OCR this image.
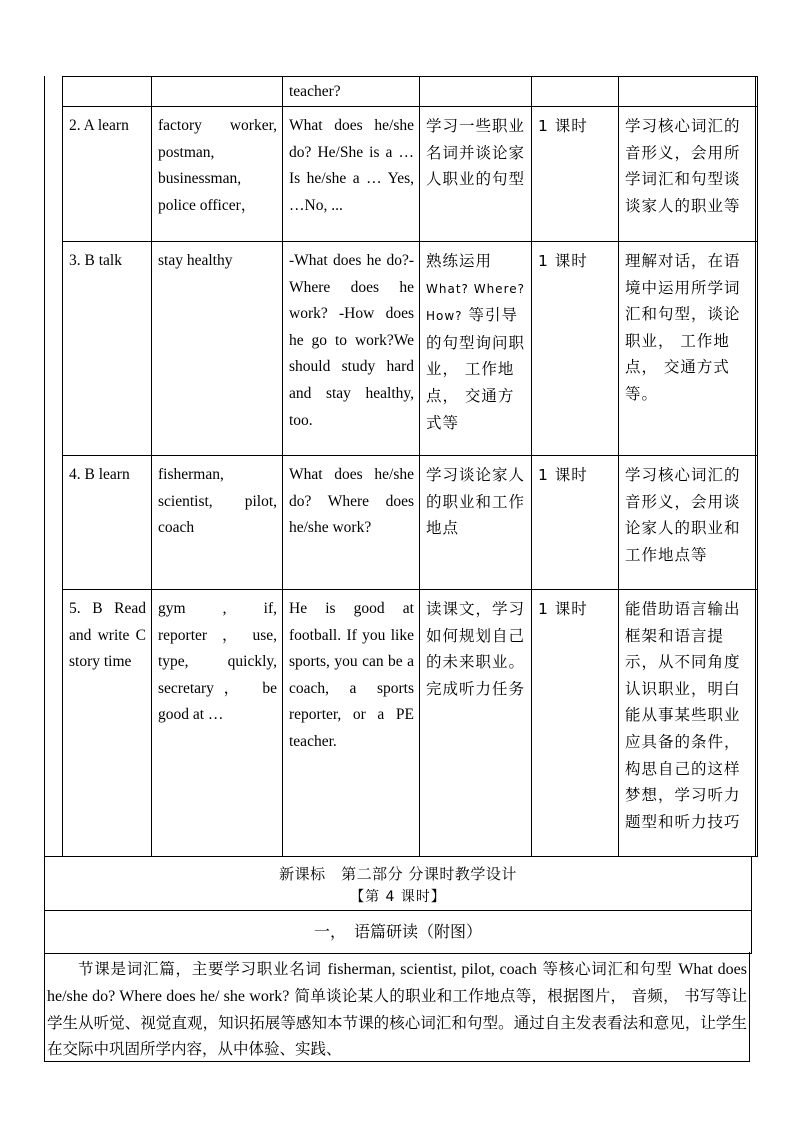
		teacher?			
2. A learn	factory worker, postman, businessman, police officer，	What does he/she do? He/She is a … Is he/she a … Yes, …No, ...	学习一些职业名词并谈论家人职业的句型	1 课时	学习核心词汇的音形义，会用所学词汇和句型谈谈家人的职业等
3. B talk	stay healthy	-What does he do?-Where does he work? -How does he go to work?We should study hard and stay healthy, too.	熟练运用 What? Where? How? 等引导的句型询问职业， 工作地点， 交通方式等	1 课时	理解对话，在语境中运用所学词汇和句型，谈论职业， 工作地点， 交通方式等。
4. B learn	fisherman, scientist, pilot, coach	What does he/she do? Where does he/she work?	学习谈论家人的职业和工作地点	1 课时	学习核心词汇的音形义，会用谈论家人的职业和工作地点等
5. B Read and write C story time	gym , if, reporter，use, type, quickly, secretary， be good at …	He is good at football. If you like sports, you can be a coach, a sports reporter, or a PE teacher.	读课文，学习如何规划自己的未来职业。完成听力任务	1 课时	能借助语言输出框架和语言提示，从不同角度认识职业，明白能从事某些职业应具备的条件，构思自己的这样梦想，学习听力题型和听力技巧
新课标　第二部分 分课时教学设计
【第 4 课时】
一，　语篇研读（附图）

节课是词汇篇，主要学习职业名词 fisherman, scientist, pilot, coach 等核心词汇和句型 What does he/she do? Where does he/ she work? 简单谈论某人的职业和工作地点等，根据图片， 音频， 书写等让学生从听觉、视觉直观，知识拓展等感知本节课的核心词汇和句型。通过自主发表看法和意见，让学生在交际中巩固所学内容，从中体验、实践、
